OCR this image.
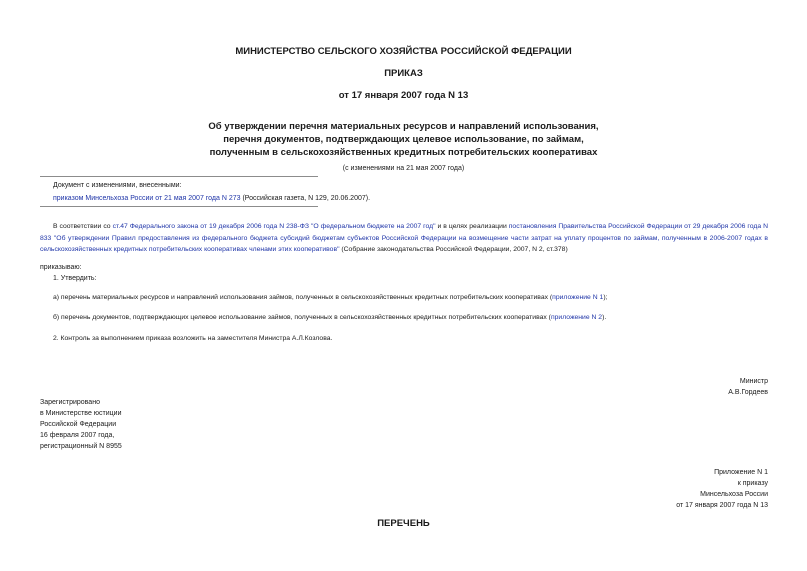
МИНИСТЕРСТВО СЕЛЬСКОГО ХОЗЯЙСТВА РОССИЙСКОЙ ФЕДЕРАЦИИ
ПРИКАЗ
от 17 января 2007 года N 13
Об утверждении перечня материальных ресурсов и направлений использования,
перечня документов, подтверждающих целевое использование, по займам,
полученным в сельскохозяйственных кредитных потребительских кооперативах
(с изменениями на 21 мая 2007 года)
Документ с изменениями, внесенными:
приказом Минсельхоза России от 21 мая 2007 года N 273 (Российская газета, N 129, 20.06.2007).
В соответствии со ст.47 Федерального закона от 19 декабря 2006 года N 238-ФЗ "О федеральном бюджете на 2007 год" и в целях реализации постановления Правительства Российской Федерации от 29 декабря 2006 года N 833 "Об утверждении Правил предоставления из федерального бюджета субсидий бюджетам субъектов Российской Федерации на возмещение части затрат на уплату процентов по займам, полученным в 2006-2007 годах в сельскохозяйственных кредитных потребительских кооперативах членами этих кооперативов" (Собрание законодательства Российской Федерации, 2007, N 2, ст.378)
приказываю:
1. Утвердить:
а) перечень материальных ресурсов и направлений использования займов, полученных в сельскохозяйственных кредитных потребительских кооперативах (приложение N 1);
б) перечень документов, подтверждающих целевое использование займов, полученных в сельскохозяйственных кредитных потребительских кооперативах (приложение N 2).
2. Контроль за выполнением приказа возложить на заместителя Министра А.Л.Козлова.
Министр
А.В.Гордеев
Зарегистрировано
в Министерстве юстиции
Российской Федерации
16 февраля 2007 года,
регистрационный N 8955
Приложение N 1
к приказу
Минсельхоза России
от 17 января 2007 года N 13
ПЕРЕЧЕНЬ
